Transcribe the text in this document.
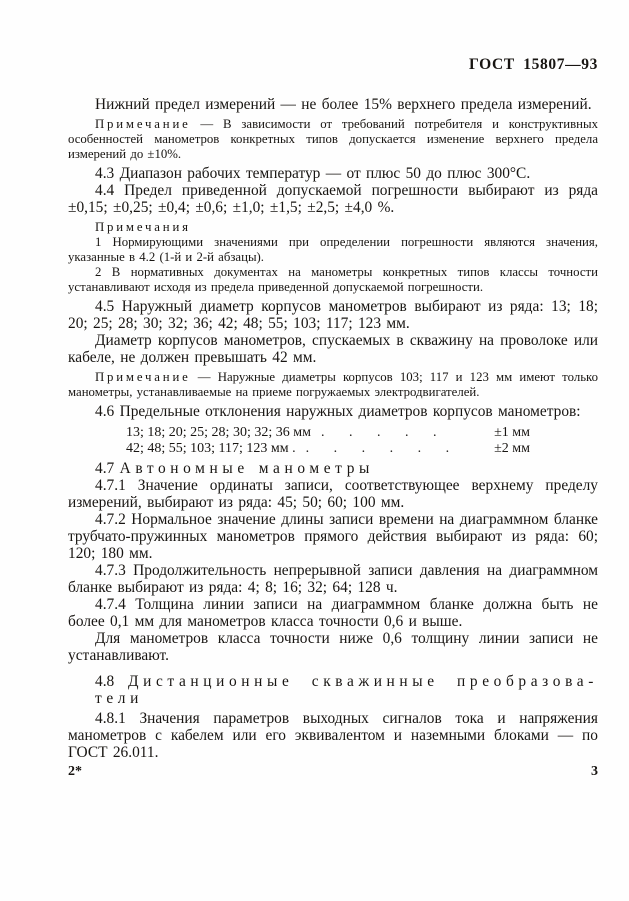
ГОСТ 15807—93

Нижний предел измерений — не более 15% верхнего предела измерений.

Примечание — В зависимости от требований потребителя и конструктивных особенностей манометров конкретных типов допускается изменение верхнего предела измерений до ±10%.

4.3 Диапазон рабочих температур — от плюс 50 до плюс 300°С.

4.4 Предел приведенной допускаемой погрешности выбирают из ряда ±0,15; ±0,25; ±0,4; ±0,6; ±1,0; ±1,5; ±2,5; ±4,0 %.

Примечания

1 Нормирующими значениями при определении погрешности являются значения, указанные в 4.2 (1-й и 2-й абзацы).

2 В нормативных документах на манометры конкретных типов классы точности устанавливают исходя из предела приведенной допускаемой погрешности.

4.5 Наружный диаметр корпусов манометров выбирают из ряда: 13; 18; 20; 25; 28; 30; 32; 36; 42; 48; 55; 103; 117; 123 мм.

Диаметр корпусов манометров, спускаемых в скважину на проволоке или кабеле, не должен превышать 42 мм.

Примечание — Наружные диаметры корпусов 103; 117 и 123 мм имеют только манометры, устанавливаемые на приеме погружаемых электродвигателей.

4.6 Предельные отклонения наружных диаметров корпусов манометров:

13; 18; 20; 25; 28; 30; 32; 36 мм . . . . .	±1 мм
42; 48; 55; 103; 117; 123 мм . . . . . . .	±2 мм

4.7 Автономные манометры

4.7.1 Значение ординаты записи, соответствующее верхнему пределу измерений, выбирают из ряда: 45; 50; 60; 100 мм.

4.7.2 Нормальное значение длины записи времени на диаграммном бланке трубчато-пружинных манометров прямого действия выбирают из ряда: 60; 120; 180 мм.

4.7.3 Продолжительность непрерывной записи давления на диаграммном бланке выбирают из ряда: 4; 8; 16; 32; 64; 128 ч.

4.7.4 Толщина линии записи на диаграммном бланке должна быть не более 0,1 мм для манометров класса точности 0,6 и выше.

Для манометров класса точности ниже 0,6 толщину линии записи не устанавливают.

4.8 Дистанционные скважинные преобразова-
тели

4.8.1 Значения параметров выходных сигналов тока и напряжения манометров с кабелем или его эквивалентом и наземными блоками — по ГОСТ 26.011.

2*	3
